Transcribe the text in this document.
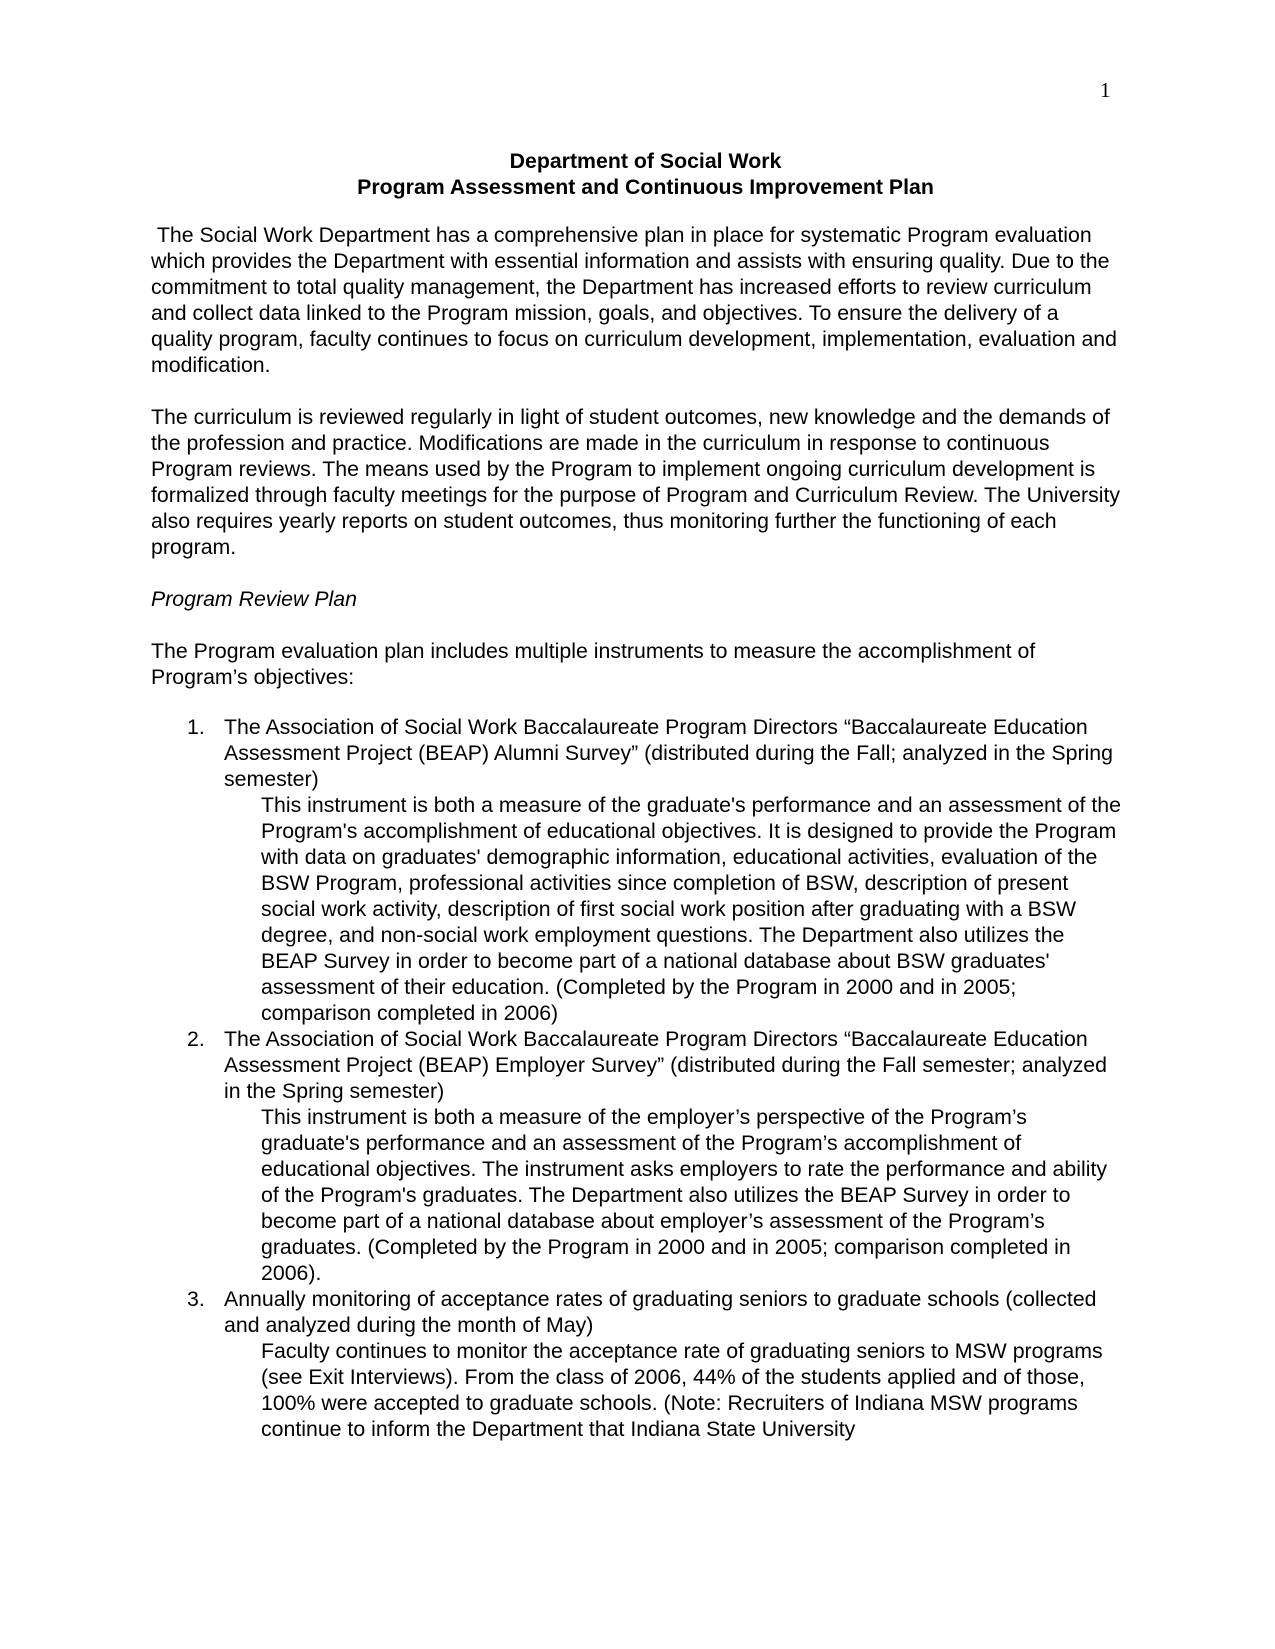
1
Department of Social Work
Program Assessment and Continuous Improvement Plan

The Social Work Department has a comprehensive plan in place for systematic Program evaluation which provides the Department with essential information and assists with ensuring quality. Due to the commitment to total quality management, the Department has increased efforts to review curriculum and collect data linked to the Program mission, goals, and objectives. To ensure the delivery of a quality program, faculty continues to focus on curriculum development, implementation, evaluation and modification.

The curriculum is reviewed regularly in light of student outcomes, new knowledge and the demands of the profession and practice. Modifications are made in the curriculum in response to continuous Program reviews. The means used by the Program to implement ongoing curriculum development is formalized through faculty meetings for the purpose of Program and Curriculum Review. The University also requires yearly reports on student outcomes, thus monitoring further the functioning of each program.

Program Review Plan

The Program evaluation plan includes multiple instruments to measure the accomplishment of Program’s objectives:

1. The Association of Social Work Baccalaureate Program Directors “Baccalaureate Education Assessment Project (BEAP) Alumni Survey” (distributed during the Fall; analyzed in the Spring semester)
This instrument is both a measure of the graduate's performance and an assessment of the Program's accomplishment of educational objectives. It is designed to provide the Program with data on graduates' demographic information, educational activities, evaluation of the BSW Program, professional activities since completion of BSW, description of present social work activity, description of first social work position after graduating with a BSW degree, and non-social work employment questions. The Department also utilizes the BEAP Survey in order to become part of a national database about BSW graduates' assessment of their education. (Completed by the Program in 2000 and in 2005; comparison completed in 2006)
2. The Association of Social Work Baccalaureate Program Directors “Baccalaureate Education Assessment Project (BEAP) Employer Survey” (distributed during the Fall semester; analyzed in the Spring semester)
This instrument is both a measure of the employer’s perspective of the Program’s graduate's performance and an assessment of the Program’s accomplishment of educational objectives. The instrument asks employers to rate the performance and ability of the Program's graduates. The Department also utilizes the BEAP Survey in order to become part of a national database about employer’s assessment of the Program’s graduates. (Completed by the Program in 2000 and in 2005; comparison completed in 2006).
3. Annually monitoring of acceptance rates of graduating seniors to graduate schools (collected and analyzed during the month of May)
Faculty continues to monitor the acceptance rate of graduating seniors to MSW programs (see Exit Interviews). From the class of 2006, 44% of the students applied and of those, 100% were accepted to graduate schools. (Note: Recruiters of Indiana MSW programs continue to inform the Department that Indiana State University
